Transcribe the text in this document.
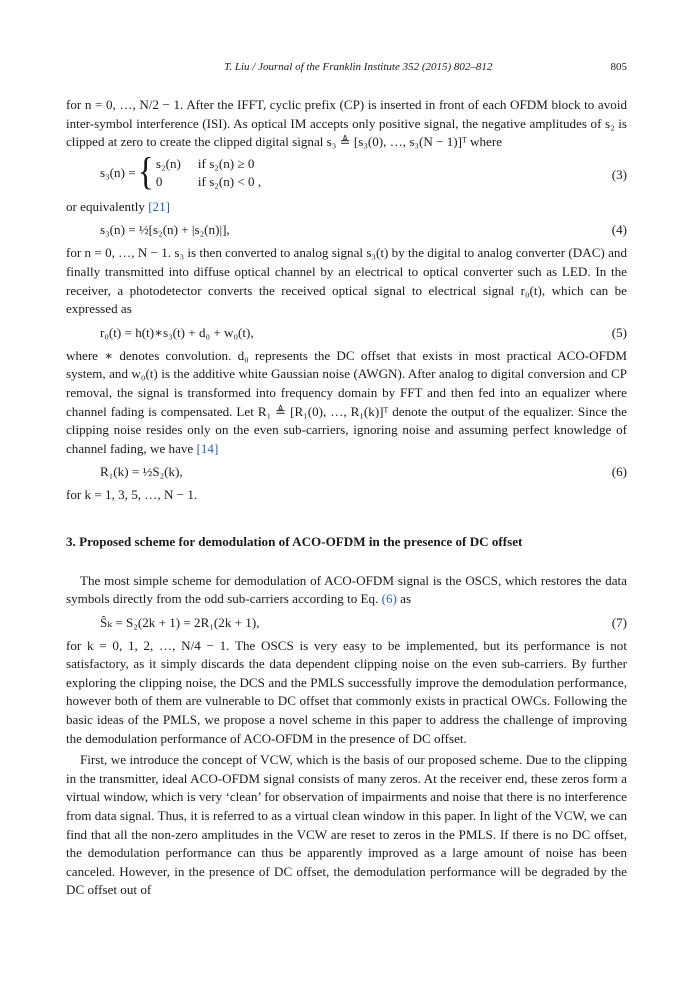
T. Liu / Journal of the Franklin Institute 352 (2015) 802–812	805

for n = 0, …, N/2 − 1. After the IFFT, cyclic prefix (CP) is inserted in front of each OFDM block to avoid inter-symbol interference (ISI). As optical IM accepts only positive signal, the negative amplitudes of s₂ is clipped at zero to create the clipped digital signal s₃ ≜ [s₃(0), …, s₃(N − 1)]ᵀ where

s₃(n) ={ s₂(n) if s₂(n) ≥ 0
0	if s₂(n) < 0 ,	(3)

or equivalently [21]

s₃(n) = ½[s₂(n) + |s₂(n)|],	(4)

for n = 0, …, N − 1. s₃ is then converted to analog signal s₃(t) by the digital to analog converter (DAC) and finally transmitted into diffuse optical channel by an electrical to optical converter such as LED. In the receiver, a photodetector converts the received optical signal to electrical signal r₀(t), which can be expressed as

r₀(t) = h(t)∗s₃(t) + d₀ + w₀(t),	(5)

where ∗ denotes convolution. d₀ represents the DC offset that exists in most practical ACO-OFDM system, and w₀(t) is the additive white Gaussian noise (AWGN). After analog to digital conversion and CP removal, the signal is transformed into frequency domain by FFT and then fed into an equalizer where channel fading is compensated. Let R₁ ≜ [R₁(0), …, R₁(k)]ᵀ denote the output of the equalizer. Since the clipping noise resides only on the even sub-carriers, ignoring noise and assuming perfect knowledge of channel fading, we have [14]

R₁(k) = ½S₂(k),	(6)

for k = 1, 3, 5, …, N − 1.

3. Proposed scheme for demodulation of ACO-OFDM in the presence of DC offset

The most simple scheme for demodulation of ACO-OFDM signal is the OSCS, which restores the data symbols directly from the odd sub-carriers according to Eq. (6) as

Ŝₖ = S₂(2k + 1) = 2R₁(2k + 1),	(7)

for k = 0, 1, 2, …, N/4 − 1. The OSCS is very easy to be implemented, but its performance is not satisfactory, as it simply discards the data dependent clipping noise on the even sub-carriers. By further exploring the clipping noise, the DCS and the PMLS successfully improve the demodulation performance, however both of them are vulnerable to DC offset that commonly exists in practical OWCs. Following the basic ideas of the PMLS, we propose a novel scheme in this paper to address the challenge of improving the demodulation performance of ACO-OFDM in the presence of DC offset.

First, we introduce the concept of VCW, which is the basis of our proposed scheme. Due to the clipping in the transmitter, ideal ACO-OFDM signal consists of many zeros. At the receiver end, these zeros form a virtual window, which is very ‘clean’ for observation of impairments and noise that there is no interference from data signal. Thus, it is referred to as a virtual clean window in this paper. In light of the VCW, we can find that all the non-zero amplitudes in the VCW are reset to zeros in the PMLS. If there is no DC offset, the demodulation performance can thus be apparently improved as a large amount of noise has been canceled. However, in the presence of DC offset, the demodulation performance will be degraded by the DC offset out of
